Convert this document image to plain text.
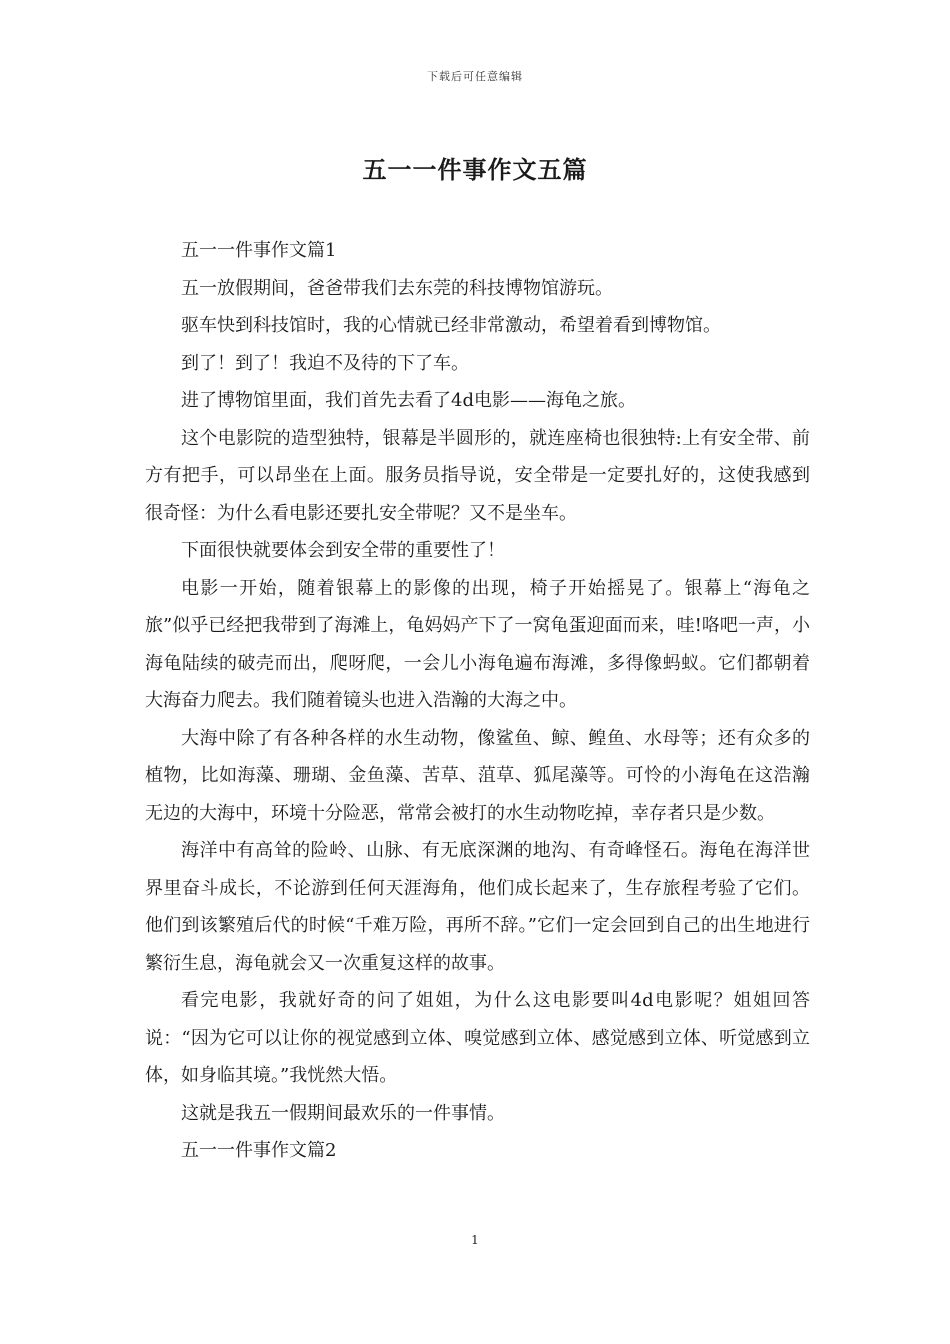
下载后可任意编辑
五一一件事作文五篇

五一一件事作文篇1

五一放假期间，爸爸带我们去东莞的科技博物馆游玩。

驱车快到科技馆时，我的心情就已经非常激动，希望着看到博物馆。

到了！到了！我迫不及待的下了车。

进了博物馆里面，我们首先去看了4d电影——海龟之旅。

这个电影院的造型独特，银幕是半圆形的，就连座椅也很独特:上有安全带、前方有把手，可以昂坐在上面。服务员指导说，安全带是一定要扎好的，这使我感到很奇怪：为什么看电影还要扎安全带呢？又不是坐车。

下面很快就要体会到安全带的重要性了！

电影一开始，随着银幕上的影像的出现，椅子开始摇晃了。银幕上“海龟之旅”似乎已经把我带到了海滩上，龟妈妈产下了一窝龟蛋迎面而来，哇!咯吧一声，小海龟陆续的破壳而出，爬呀爬，一会儿小海龟遍布海滩，多得像蚂蚁。它们都朝着大海奋力爬去。我们随着镜头也进入浩瀚的大海之中。

大海中除了有各种各样的水生动物，像鲨鱼、鲸、鳇鱼、水母等；还有众多的植物，比如海藻、珊瑚、金鱼藻、苦草、菹草、狐尾藻等。可怜的小海龟在这浩瀚无边的大海中，环境十分险恶，常常会被打的水生动物吃掉，幸存者只是少数。

海洋中有高耸的险岭、山脉、有无底深渊的地沟、有奇峰怪石。海龟在海洋世界里奋斗成长，不论游到任何天涯海角，他们成长起来了，生存旅程考验了它们。他们到该繁殖后代的时候“千难万险，再所不辞。”它们一定会回到自己的出生地进行繁衍生息，海龟就会又一次重复这样的故事。

看完电影，我就好奇的问了姐姐，为什么这电影要叫4d电影呢？姐姐回答说：“因为它可以让你的视觉感到立体、嗅觉感到立体、感觉感到立体、听觉感到立体，如身临其境。”我恍然大悟。

这就是我五一假期间最欢乐的一件事情。

五一一件事作文篇2

1
